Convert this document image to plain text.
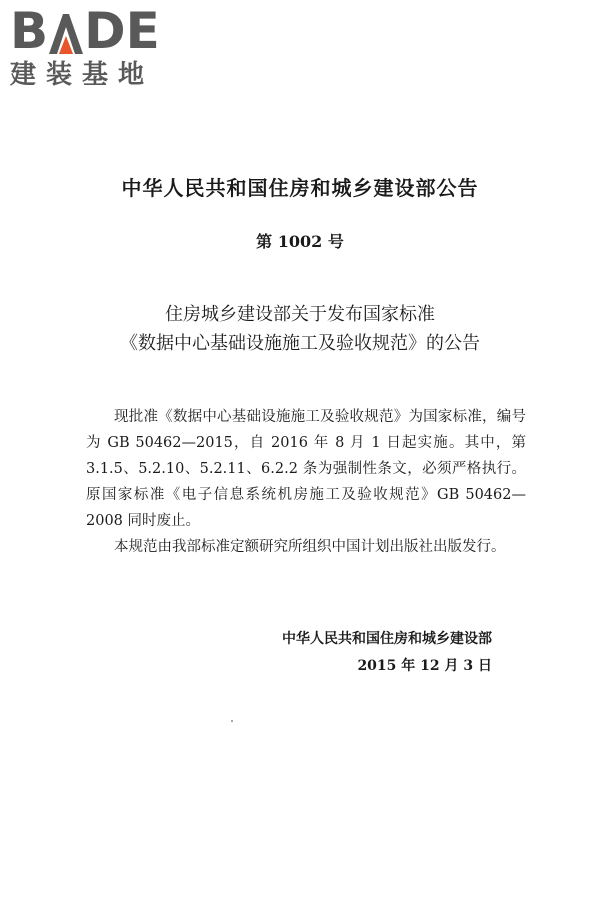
B D E
建装基地
中华人民共和国住房和城乡建设部公告
第 1002 号
住房城乡建设部关于发布国家标准
《数据中心基础设施施工及验收规范》的公告

现批准《数据中心基础设施施工及验收规范》为国家标准，编号为 GB 50462—2015，自 2016 年 8 月 1 日起实施。其中，第 3.1.5、5.2.10、5.2.11、6.2.2 条为强制性条文，必须严格执行。原国家标准《电子信息系统机房施工及验收规范》GB 50462—2008 同时废止。

本规范由我部标准定额研究所组织中国计划出版社出版发行。

中华人民共和国住房和城乡建设部
2015 年 12 月 3 日
